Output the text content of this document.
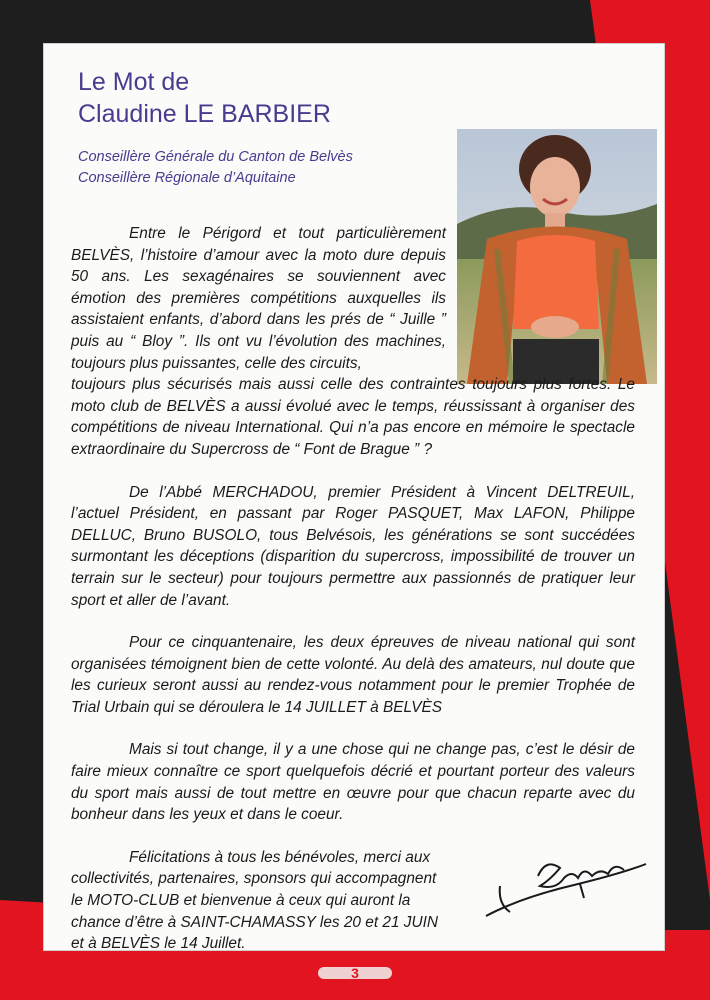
Le Mot de
Claudine LE BARBIER

Conseillère Générale du Canton de Belvès
Conseillère Régionale d’Aquitaine

Entre le Périgord et tout particulièrement BELVÈS, l’histoire d’amour avec la moto dure depuis 50 ans. Les sexagénaires se souviennent avec émotion des premières compétitions auxquelles ils assistaient enfants, d’abord dans les prés de “ Juille ” puis au “ Bloy ”. Ils ont vu l’évolution des machines, toujours plus puissantes, celle des circuits,

toujours plus sécurisés mais aussi celle des contraintes toujours plus fortes. Le moto club de BELVÈS a aussi évolué avec le temps, réussissant à organiser des compétitions de niveau International. Qui n’a pas encore en mémoire le spectacle extraordinaire du Supercross de “ Font de Brague ” ?

De l’Abbé MERCHADOU, premier Président à Vincent DELTREUIL, l’actuel Président, en passant par Roger PASQUET, Max LAFON, Philippe DELLUC, Bruno BUSOLO, tous Belvésois, les générations se sont succédées surmontant les déceptions (disparition du supercross, impossibilité de trouver un terrain sur le secteur) pour toujours permettre aux passionnés de pratiquer leur sport et aller de l’avant.

Pour ce cinquantenaire, les deux épreuves de niveau national qui sont organisées témoignent bien de cette volonté. Au delà des amateurs, nul doute que les curieux seront aussi au rendez-vous notamment pour le premier Trophée de Trial Urbain qui se déroulera le 14 JUILLET à BELVÈS

Mais si tout change, il y a une chose qui ne change pas, c’est le désir de faire mieux connaître ce sport quelquefois décrié et pourtant porteur des valeurs du sport mais aussi de tout mettre en œuvre pour que chacun reparte avec du bonheur dans les yeux et dans le coeur.

Félicitations à tous les bénévoles, merci aux collectivités, partenaires, sponsors qui accompagnent le MOTO-CLUB et bienvenue à ceux qui auront la chance d’être à SAINT-CHAMASSY les 20 et 21 JUIN et à BELVÈS le 14 Juillet.

3
